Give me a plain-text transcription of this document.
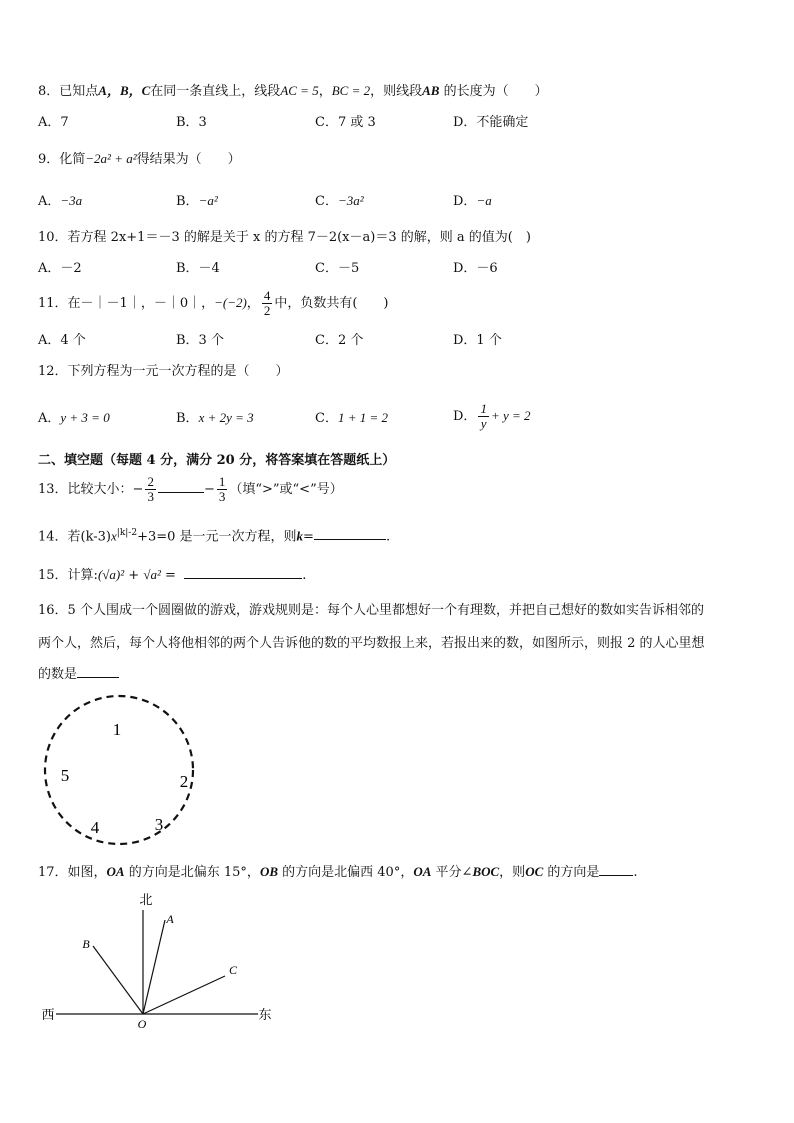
8．已知点A，B，C在同一条直线上，线段AC = 5，BC = 2，则线段AB 的长度为（　　）
A．7	B．3	C．7 或 3	D．不能确定
9．化简−2a² + a²得结果为（　　）
A．−3a	B．−a²	C．−3a²	D．−a
10．若方程 2x+1＝－3 的解是关于 x 的方程 7－2(x－a)＝3 的解，则 a 的值为(　)
A．－2	B．－4	C．－5	D．－6
11．在－｜－1｜，－｜0｜，−(−2)， $\frac{4}{2}$ 中，负数共有(　　)
A．4 个	B．3 个	C．2 个	D．1 个
12．下列方程为一元一次方程的是（　　）
A．y + 3 = 0	B．x + 2y = 3	C．1 + 1 = 2	D． $\frac{1}{y} + y = 2$
二、填空题（每题 4 分，满分 20 分，将答案填在答题纸上）
13．比较大小：− $\frac{2}{3}$	− $\frac{1}{3}$ （填“>”或“<”号）
14．若$(k-3)x^{|k|-2}+3=0$ 是一元一次方程，则k=	.
15．计算:(√a)² + √a² =	.
16．5 个人围成一个圆圈做的游戏，游戏规则是：每个人心里都想好一个有理数，并把自己想好的数如实告诉相邻的
两个人，然后，每个人将他相邻的两个人告诉他的数的平均数报上来，若报出来的数，如图所示，则报 2 的人心里想
的数是
1
2
3
4
5
17．如图，OA 的方向是北偏东 15°，OB 的方向是北偏西 40°，OA 平分∠BOC，则OC 的方向是	.
北
西	东
O
A
B
C
